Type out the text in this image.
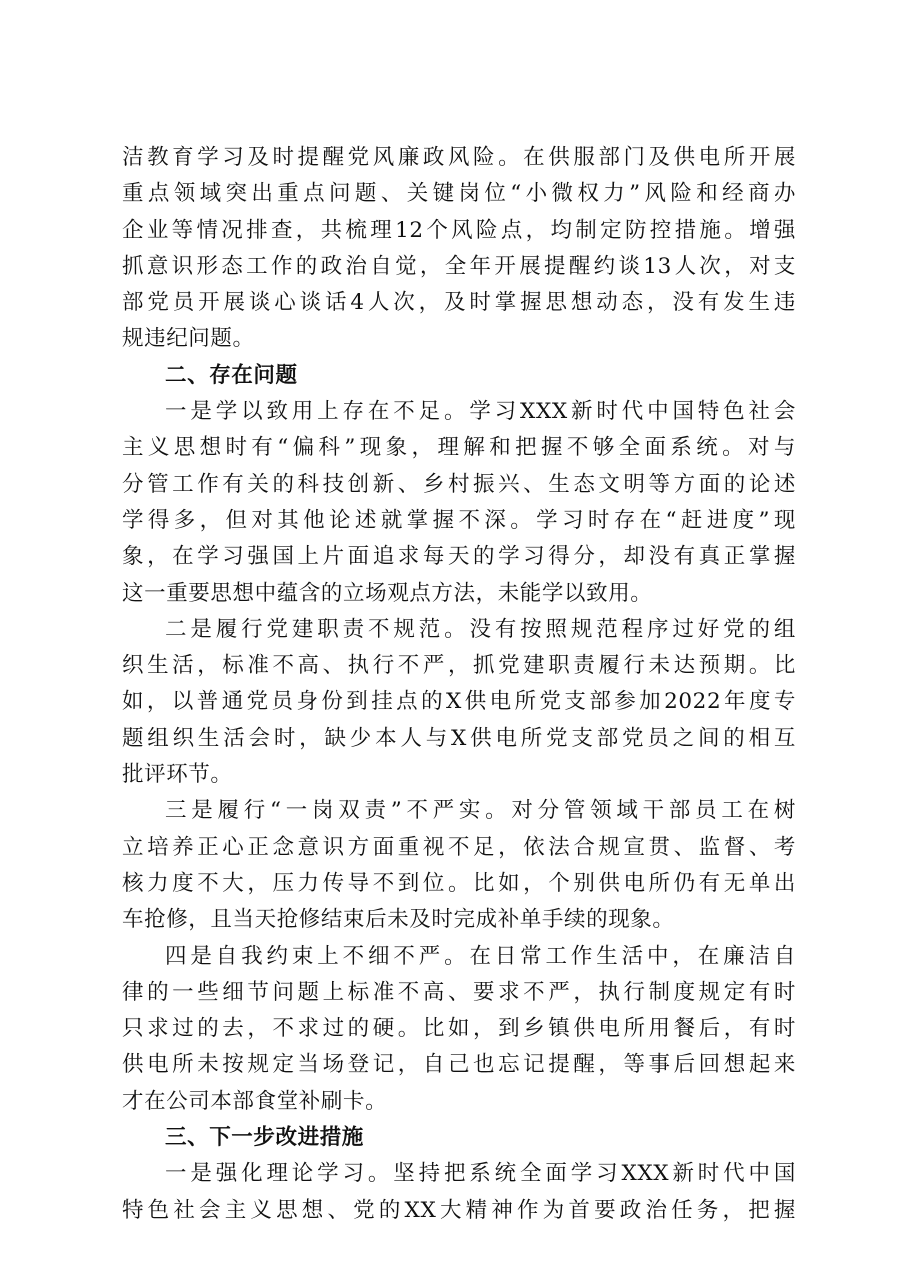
洁教育学习及时提醒党风廉政风险。在供服部门及供电所开展
重点领域突出重点问题、关键岗位“小微权力”风险和经商办
企业等情况排查，共梳理12个风险点，均制定防控措施。增强
抓意识形态工作的政治自觉，全年开展提醒约谈13人次，对支
部党员开展谈心谈话4人次，及时掌握思想动态，没有发生违
规违纪问题。
二、存在问题
一是学以致用上存在不足。学习XXX新时代中国特色社会
主义思想时有“偏科”现象，理解和把握不够全面系统。对与
分管工作有关的科技创新、乡村振兴、生态文明等方面的论述
学得多，但对其他论述就掌握不深。学习时存在“赶进度”现
象，在学习强国上片面追求每天的学习得分，却没有真正掌握
这一重要思想中蕴含的立场观点方法，未能学以致用。
二是履行党建职责不规范。没有按照规范程序过好党的组
织生活，标准不高、执行不严，抓党建职责履行未达预期。比
如，以普通党员身份到挂点的X供电所党支部参加2022年度专
题组织生活会时，缺少本人与X供电所党支部党员之间的相互
批评环节。
三是履行“一岗双责”不严实。对分管领域干部员工在树
立培养正心正念意识方面重视不足，依法合规宣贯、监督、考
核力度不大，压力传导不到位。比如，个别供电所仍有无单出
车抢修，且当天抢修结束后未及时完成补单手续的现象。
四是自我约束上不细不严。在日常工作生活中，在廉洁自
律的一些细节问题上标准不高、要求不严，执行制度规定有时
只求过的去，不求过的硬。比如，到乡镇供电所用餐后，有时
供电所未按规定当场登记，自己也忘记提醒，等事后回想起来
才在公司本部食堂补刷卡。
三、下一步改进措施
一是强化理论学习。坚持把系统全面学习XXX新时代中国
特色社会主义思想、党的XX大精神作为首要政治任务，把握
